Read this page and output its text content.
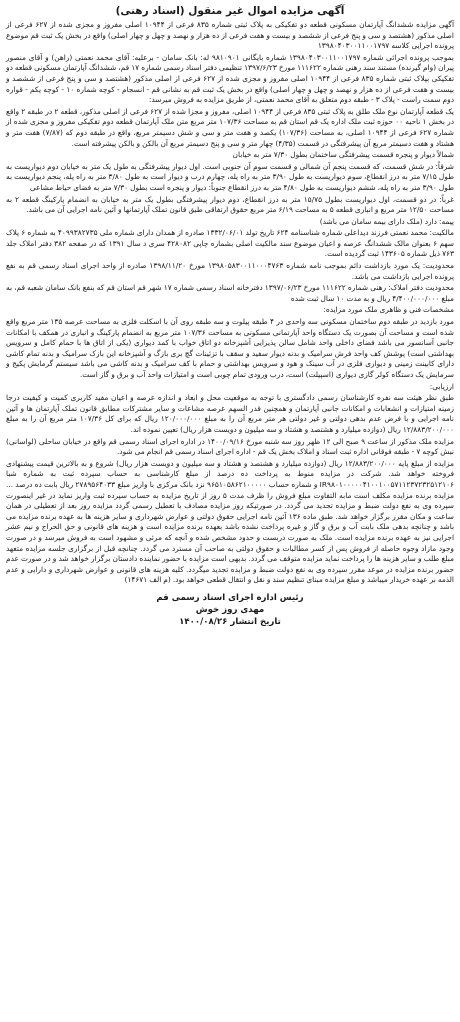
آگهی مزایده اموال غیر منقول (اسناد رهنی)
آگهی مزایده ششدانگ آپارتمان مسکونی قطعه دو تفکیکی به پلاک ثبتی شماره ۸۳۵ فرعی از ۱۰۹۴۴ اصلی مفروز و مجزی شده از ۶۲۷ فرعی از اصلی مذکور (هشتصد و سی و پنج فرعی از ششصد و بیست و هفت فرعی از ده هزار و نهصد و چهل و چهار اصلی) واقع در بخش یک ثبت قم موضوع پرونده اجرایی کلاسه ۱۳۹۸۰۴۰۳۰۰۱۱۰۰۱۷۹۷
بموجب پرونده اجرائی شماره ۱۳۹۸۰۴۰۳۰۰۱۱۰۰۱۷۹۷ شماره بایگانی ۹۸۱۰۹۰۱ له: بانک سامان - برعلیه: آقای محمد نعمتی (راهن) و آقای منصور پیران (وام گیرنده) مستند سند رهنی شماره ۱۱۱۶۲۲ مورخ ۱۳۹۷/۶/۲۳ تنظیمی دفتر اسناد رسمی شماره ۱۷ قم، ششدانگ آپارتمان مسکونی قطعه دو تفکیکی بپلاک ثبتی شماره ۸۳۵ فرعی از ۱۰۹۴۴ اصلی مفروز و مجزی شده از ۶۲۷ فرعی از اصلی مذکور (هشتصد و سی و پنج فرعی از ششصد و بیست و هفت فرعی از ده هزار و نهصد و چهل و چهار اصلی) واقع در بخش یک ثبت قم به نشانی قم - انسجام - کوچه شماره ۱۰ - کوچه یکم - قواره دوم سمت راست - پلاک ۳ - طبقه دوم متعلق به آقای محمد نعمتی، از طریق مزایده به فروش میرسد:
یک قطعه آپارتمان نوع ملک طلق به پلاک ثبتی ۸۳۵ فرعی از ۱۰۹۴۴ اصلی، مفروز و مجزا شده از ۶۲۷ فرعی از اصلی مذکور، قطعه ۲ در طبقه ۲ واقع در بخش ۱ ناحیه ۰۰ حوزه ثبت ملک اداره یک قم استان قم به مساحت ۱۰۷/۳۶ متر مربع متن ملک آپارتمان قطعه دوم تفکیکی مفروز و مجزی شده از شماره ۶۲۷ فرعی از ۱۰۹۴۴ اصلی، به مساحت (۱۰۷/۳۶) یکصد و هفت متر و سی و شش دسیمتر مربع، واقع در طبقه دوم که (۷/۸۷) هفت متر و هشتاد و هفت دسیمتر مربع آن پیشرفتگی در قسمت (۴/۳۵) چهار متر و سی و پنج دسیمتر مربع آن بالکن و بالکن پیشرفته است.
شمالاً دیوار و پنجره قسمت پیشرفتگی ساختمان بطول ۷/۳۰ متر به خیابان
شرقاً: در شش قسمت، که قسمت پنجم آن شمالی و قسمت سوم آن جنوبی است. اول دیوار پیشرفتگی به طول یک متر به خیابان دوم دیواریست به طول ۷/۱۵ متر به درز انقطاع، سوم دیواریست به طول ۳/۹۰ متر به راه پله، چهارم درب و دیوار است به طول ۳/۸۰ متر به راه پله، پنجم دیواریست به طول ۳/۹۰ متر به راه پله، ششم دیواریست به طول ۴/۸۰ متر به درز انقطاع جنوباً: دیوار و پنجره است بطول ۷/۳۰ متر به فضای حیاط مشاعی
غرباً: در دو قسمت، اول دیواریست بطول ۱۵/۷۵ متر به درز انقطاع، دوم دیوار پیشرفتگی بطول یک متر به خیابان به انضمام پارکینگ قطعه ۲ به مساحت ۱۲/۵۰ متر مربع و انباری قطعه ۵ به مساحت ۶/۱۹ متر مربع حقوق ارتفاقی طبق قانون تملک آپارتمانها و آئین نامه اجرایی آن می باشد.
پیمه: دارد (ملک دارای بیمه سامان می باشد)
مالکیت: محمد نعمتی فرزند دیداعلی شماره شناسنامه ۶۲۴ تاریخ تولد ۱۳۳۲/۰۶/۰۱ صادره از همدان دارای شماره ملی ۴۰۹۹۳۸۲۷۳۵ به شماره ۶ پلاک سهم ۶ بعنوان مالک ششدانگ عرصه و اعیان موضوع سند مالکیت اصلی بشماره چاپی ۴۲۸۰۸۲ سری د سال ۱۳۹۱ که در صفحه ۳۸۲ دفتر املاک جلد ۷۶۳ ذیل شماره ۱۴۳۶۰۵ ثبت گردیده است.
محدودیت: یک مورد بازداشت دائم بموجب نامه شماره ۱۳۹۸۰۵۸۳۰۰۱۱۰۰۰۴۷۶۳ مورخ ۱۳۹۸/۱۱/۲۰ صادره از واحد اجرای اسناد رسمی قم به نفع پرونده اجرایی بازداشت می باشد.
محدودیت دفتر املاک: رهنی شماره ۱۱۱۶۲۲ مورخ ۱۳۹۷/۰۶/۲۳ دفترخانه اسناد رسمی شماره ۱۷ شهر قم استان قم که بنفع بانک سامان شعبه قم، به مبلغ ۴/۴۰۰/۰۰۰/۰۰۰ ریال و به مدت ۱۰ سال ثبت شده
مشخصات فنی و ظاهری ملک مورد مزایده:
مورد بازدید در طبقه دوم ساختمان مسکونی سه واحدی در ۴ طبقه پیلوت و سه طبقه روی آن با اسکلت فلزی به مساحت عرصه ۱۳۵ متر مربع واقع شده است و مساحت آن بصورت یک دستگاه واحد آپارتمانی مسکونی به مساحت ۱۰۷/۳۶ متر مربع به انضمام پارکینگ و انباری در همکف با امکانات جانبی آسانسور می باشد فضای داخلی واحد شامل سالن پذیرایی آشپزخانه دو اتاق خواب با کمد دیواری (یکی از اتاق ها با حمام کامل و سرویس بهداشتی است) پوشش کف واحد فرش سرامیک و بدنه دیوار سفید و سقف با تزئینات گچ بری بازگ و آشپزخانه این بازک سرامیک و بدنه تمام کاشی دارای کابینت زمینی و دیواری فلزی در آب سینک و هود و سرویس بهداشتی و حمام با کف سرامیک و بدنه کاشی می باشد سیستم گرمایش پکیج و سرمایش یک دستگاه کولر گازی دیواری (اسپیلت) است، درب ورودی تمام چوبی است و امتیازات واحد آب و برق و گاز است.
ارزیابی:
طبق نظر هیئت سه نفره کارشناسان رسمی دادگستری با توجه به موقعیت محل و ابعاد و اندازه عرصه و اعیان مفید کاربری کمیت و کیفیت درجا زمینه امتیازات و انشعابات و امکانات جانبی آپارتمان و همچنین قدر السهم عرصه مشاعات و سایر مشترکات مطابق قانون تملک آپارتمان ها و آئین نامه اجرایی و با فرض عدم بدهی دولتی و غیر دولتی هر متر مربع آن را به مبلغ ۱۲۰/۰۰۰/۰۰۰ ریال که برای کل ۱۰۷/۳۶ متر مربع آن را به مبلغ ۱۲/۸۸۳/۲۰۰/۰۰۰ ریال (دوازده میلیارد و هشتصد و هشتاد و سه میلیون و دویست هزار ریال) تعیین نموده اند.
مزایده ملک مذکور از ساعت ۹ صبح الی ۱۲ ظهر روز سه شنبه مورخ ۱۴۰۰/۰۹/۱۶ در اداره اجرای اسناد رسمی قم واقع در خیابان ساحلی (لواسانی) نبش کوچه ۷ - طبقه فوقانی اداره ثبت اسناد و املاک بخش یک قم - اداره اجرای اسناد رسمی قم انجام می شود.
مزایده از مبلغ پایه ۱۲/۸۸۳/۲۰۰/۰۰۰ ریال (دوازده میلیارد و هشتصد و هشتاد و سه میلیون و دویست هزار ریال) شروع و به بالاترین قیمت پیشنهادی فروخته خواهد شد. شرکت در مزایده منوط به پرداخت ده درصد از مبلغ کارشناسی به حساب سپرده ثبت به شماره شبا IR۹۸۰۱۰۰۰۰۰۴۱۰۰۱۰۰۵۷۱۱۲۳۷۲۳۲۵۱۲۱۰۶ و شماره حساب ۹۶۵۱۰۵۸۶۲۱۰۰۰۰۰ نزد بانک مرکزی با واریز مبلغ ۲۷۸۹۵۶۴۰۳۳ ریال بابت ده درصد ... مزایده برنده مزایده مکلف است مابه التفاوت مبلغ فروش را ظرف مدت ۵ روز از تاریخ مزایده به حساب سپرده ثبت واریز نماید در غیر اینصورت سپرده وی به نفع دولت ضبط و مزایده تجدید می گردد. در صورتیکه روز مزایده مصادف با تعطیل رسمی گردد مزایده روز بعد از تعطیلی در همان ساعت و مکان مقرر برگزار خواهد شد. طبق ماده ۱۳۶ آئین نامه اجرایی حقوق دولتی و عوارض شهرداری و سایر هزینه ها به عهده برنده مزایده می باشد و چنانچه بدهی ملک بابت آب و برق و گاز و غیره پرداخت نشده باشد بعهده برنده مزایده است و هزینه های قانونی و حق الحراج و نیم عشر اجرایی نیز به عهده برنده مزایده است. ملک به صورت دربست و حدود مشخص شده و آنچه که مرئی و مشهود است به فروش میرسد و در صورت وجود مازاد وجوه حاصله از فروش پس از کسر مطالبات و حقوق دولتی به صاحب آن مسترد می گردد. چنانچه قبل از برگزاری جلسه مزایده متعهد مبلغ طلب و سایر هزینه ها را پرداخت نماید مزایده متوقف می گردد. بدیهی است مزایده با حضور نماینده دادستان برگزار خواهد شد و در صورت عدم حضور برنده مزایده در موعد مقرر سپرده وی به نفع دولت ضبط و مزایده تجدید میگردد. کلیه هزینه های قانونی و عوارض شهرداری و دارایی و عدم الذمه بر عهده خریدار میباشد و مبلغ مزایده مبنای تنظیم سند و نقل و انتقال قطعی خواهد بود. (م الف ۱۴۶۷۱)
رئیس اداره اجرای اسناد رسمی قم
مهدی روز خوش
تاریخ انتشار ۱۴۰۰/۰۸/۲۶
